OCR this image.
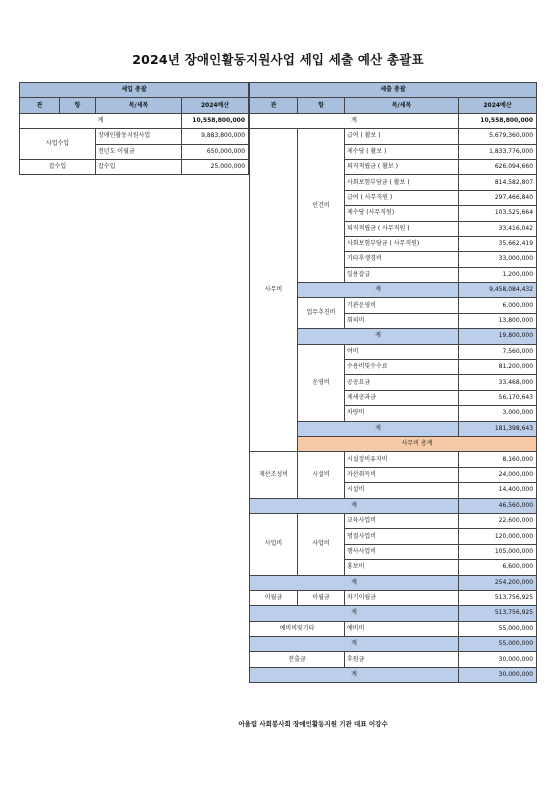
2024년 장애인활동지원사업 세입 세출 예산 총괄표
세입 총괄			
관	항	목/세목	2024예산
계			10,558,800,000
사업수입		장애인활동지원사업	9,883,800,000
		전년도 이월금	650,000,000
잡수입		잡수입	25,000,000
세출 총괄				
관	항	목/세목	2024예산	
계			10,558,800,000	
사무비	인건비	급여 ( 활보 )	5,679,360,000	
		제수당 ( 활보 )	1,833,776,000	
		퇴직적립금 ( 활보 )	626,094,660	
		사회보험부담금 ( 활보 )	814,582,807	
		급여 ( 사무직원 )	297,466,840	
		제수당 (사무직원)	103,525,664	
		퇴직적립금 ( 사무직원 )	33,416,042	
		사회보험부담금 ( 사무직원)	35,662,419	
		기타후생경비	33,000,000	
		일용잡급	1,200,000	
	계		9,458,084,432	
	업무추진비	기관운영비	6,000,000	
		회의비	13,800,000	
	계		19,800,000	
	운영비	여비	7,560,000	
		수용비및수수료	81,200,000	
		공공요금	33,468,000	
		제세공과금	56,170,643	
		차량비	3,000,000	
	계		181,398,643	
	사무비 총계	
재산조성비	시설비	시설장비유지비	8,160,000	
		자산취득비	24,000,000	
		시설비	14,400,000	
계			46,560,000	
사업비	사업비	교육사업비	22,600,000	
		명절사업비	120,000,000	
		행사사업비	105,000,000	
		홍보비	6,600,000	
계			254,200,000	
이월금	이월금	차기이월금	513,756,925	
계			513,756,925	
예비비및기타		예비비	55,000,000	
계			55,000,000	
전출금		후원금	30,000,000	
계			30,000,000	
어울림 사회봉사회 장애인활동지원 기관 대표 이강수
